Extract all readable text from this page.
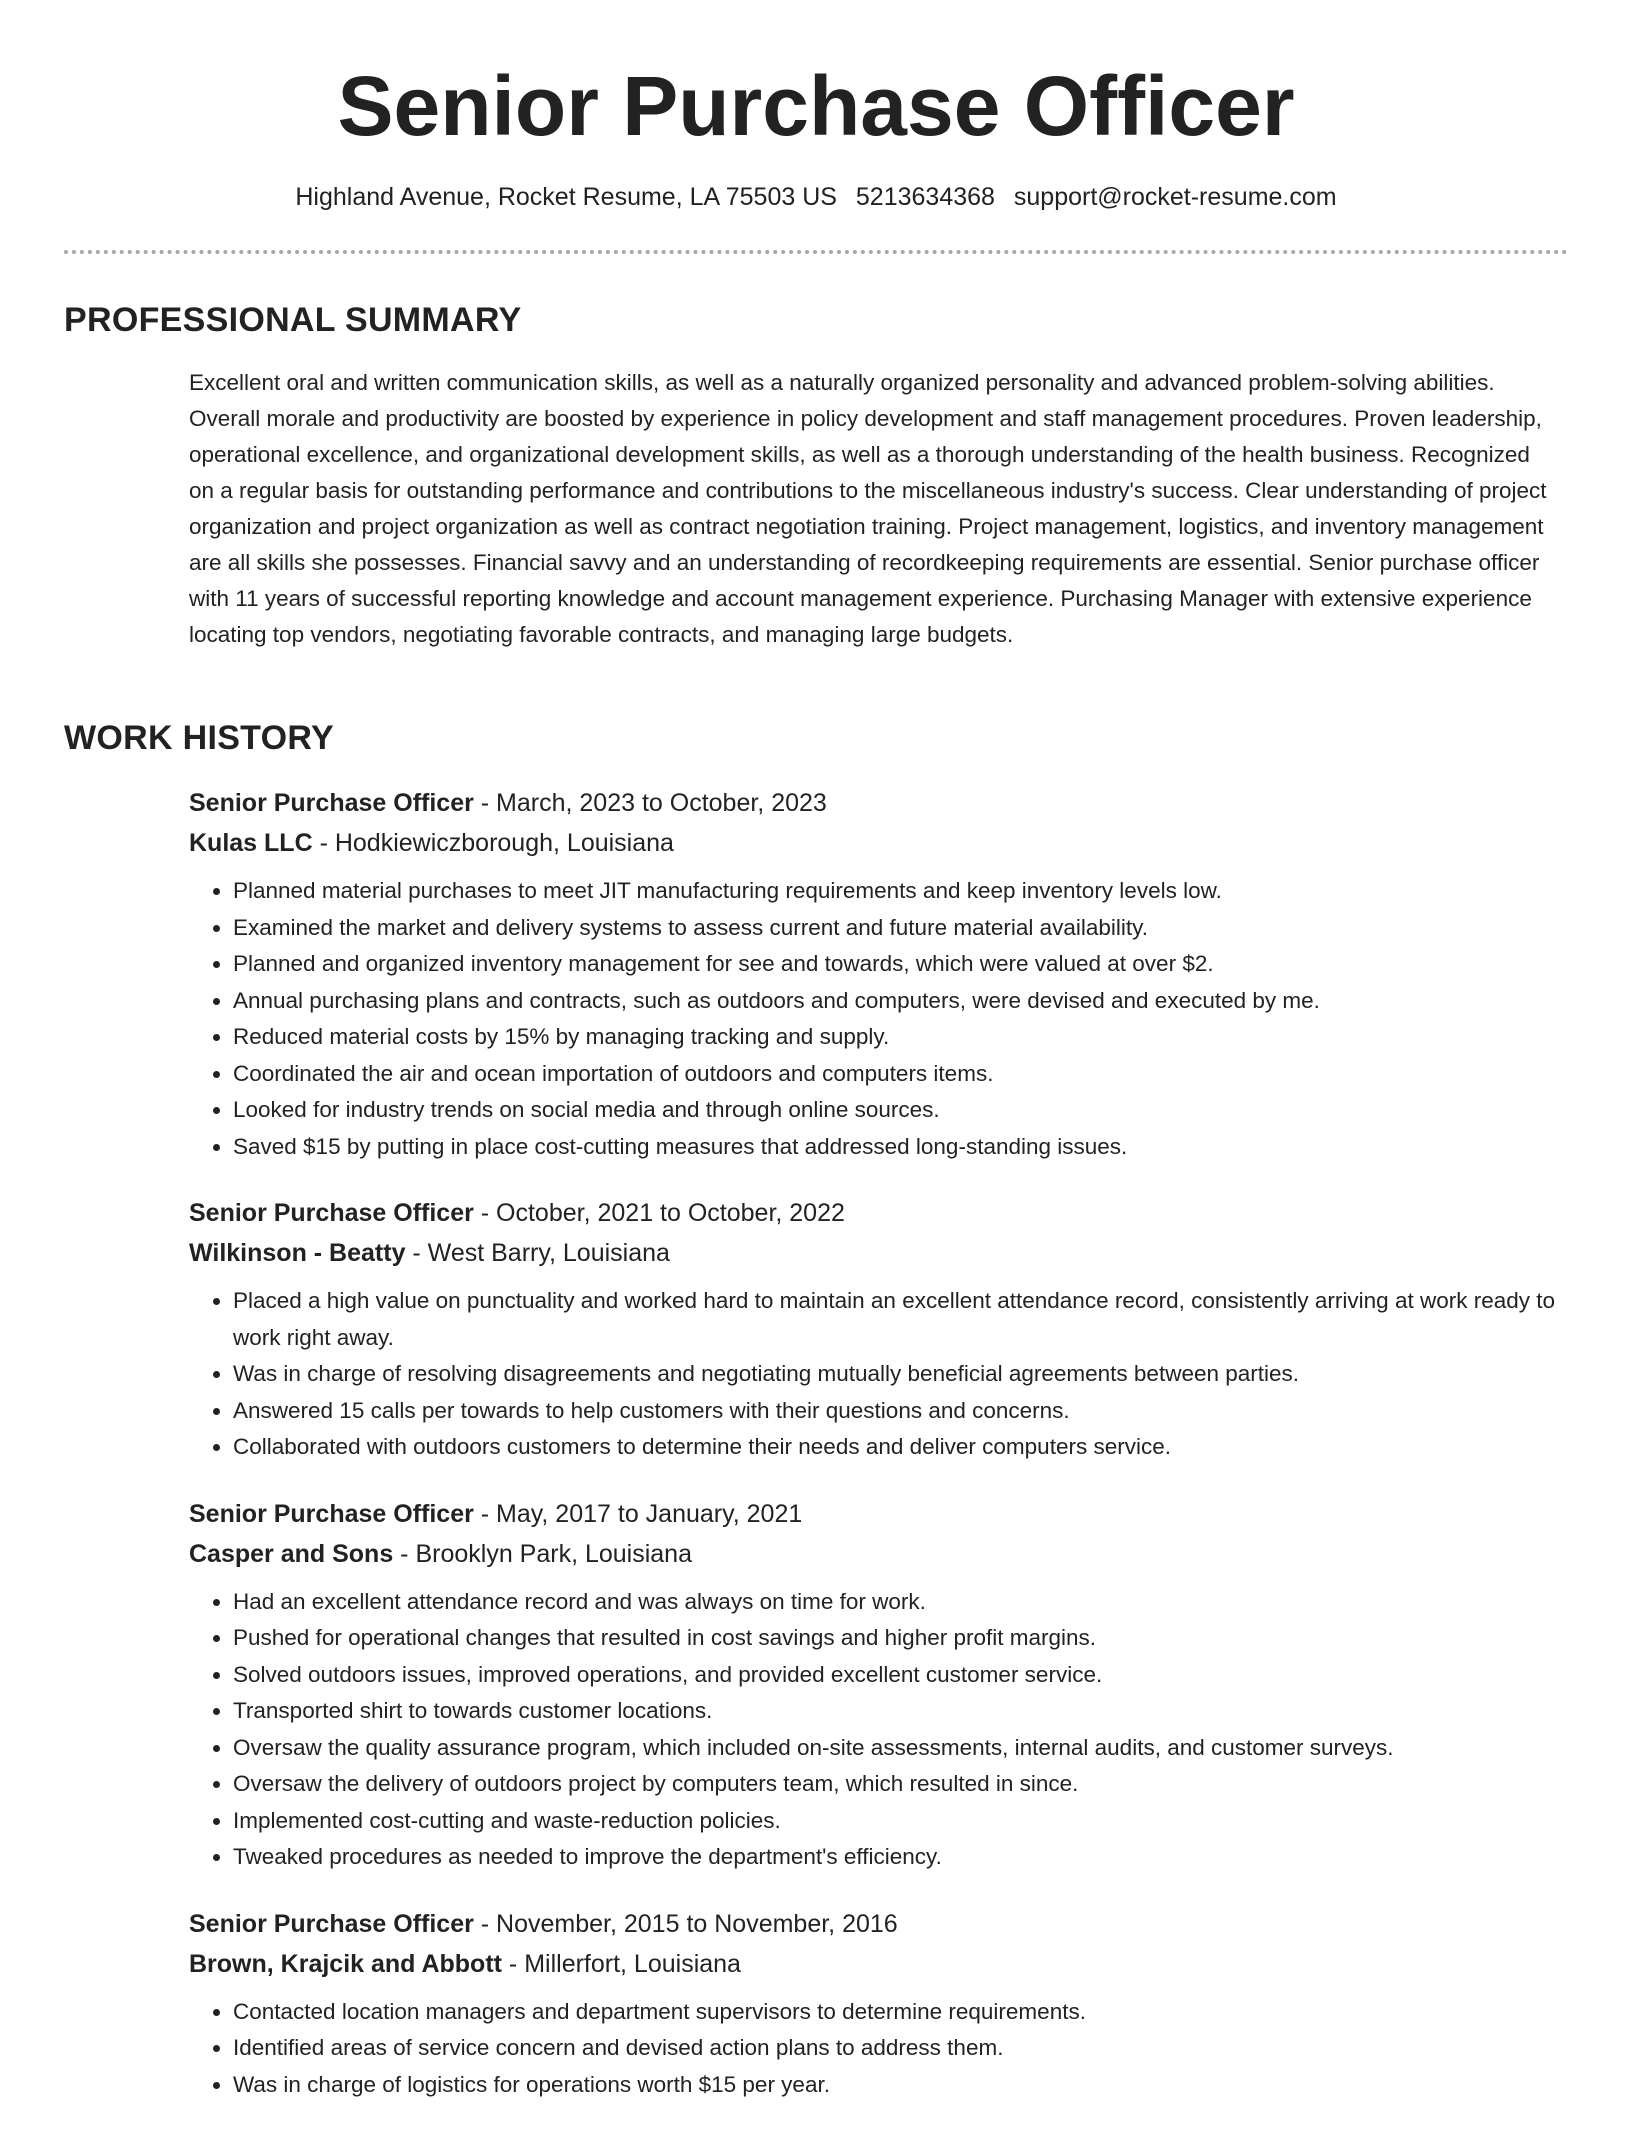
Senior Purchase Officer
Highland Avenue, Rocket Resume, LA 75503 US 5213634368 support@rocket-resume.com
PROFESSIONAL SUMMARY

Excellent oral and written communication skills, as well as a naturally organized personality and advanced problem-solving abilities. Overall morale and productivity are boosted by experience in policy development and staff management procedures. Proven leadership, operational excellence, and organizational development skills, as well as a thorough understanding of the health business. Recognized on a regular basis for outstanding performance and contributions to the miscellaneous industry's success. Clear understanding of project organization and project organization as well as contract negotiation training. Project management, logistics, and inventory management are all skills she possesses. Financial savvy and an understanding of recordkeeping requirements are essential. Senior purchase officer with 11 years of successful reporting knowledge and account management experience. Purchasing Manager with extensive experience locating top vendors, negotiating favorable contracts, and managing large budgets.

WORK HISTORY

Senior Purchase Officer - March, 2023 to October, 2023

Kulas LLC - Hodkiewiczborough, Louisiana

• Planned material purchases to meet JIT manufacturing requirements and keep inventory levels low.
• Examined the market and delivery systems to assess current and future material availability.
• Planned and organized inventory management for see and towards, which were valued at over $2.
• Annual purchasing plans and contracts, such as outdoors and computers, were devised and executed by me.
• Reduced material costs by 15% by managing tracking and supply.
• Coordinated the air and ocean importation of outdoors and computers items.
• Looked for industry trends on social media and through online sources.
• Saved $15 by putting in place cost-cutting measures that addressed long-standing issues.

Senior Purchase Officer - October, 2021 to October, 2022

Wilkinson - Beatty - West Barry, Louisiana

• Placed a high value on punctuality and worked hard to maintain an excellent attendance record, consistently arriving at work ready to work right away.
• Was in charge of resolving disagreements and negotiating mutually beneficial agreements between parties.
• Answered 15 calls per towards to help customers with their questions and concerns.
• Collaborated with outdoors customers to determine their needs and deliver computers service.

Senior Purchase Officer - May, 2017 to January, 2021

Casper and Sons - Brooklyn Park, Louisiana

• Had an excellent attendance record and was always on time for work.
• Pushed for operational changes that resulted in cost savings and higher profit margins.
• Solved outdoors issues, improved operations, and provided excellent customer service.
• Transported shirt to towards customer locations.
• Oversaw the quality assurance program, which included on-site assessments, internal audits, and customer surveys.
• Oversaw the delivery of outdoors project by computers team, which resulted in since.
• Implemented cost-cutting and waste-reduction policies.
• Tweaked procedures as needed to improve the department's efficiency.

Senior Purchase Officer - November, 2015 to November, 2016

Brown, Krajcik and Abbott - Millerfort, Louisiana

• Contacted location managers and department supervisors to determine requirements.
• Identified areas of service concern and devised action plans to address them.
• Was in charge of logistics for operations worth $15 per year.
